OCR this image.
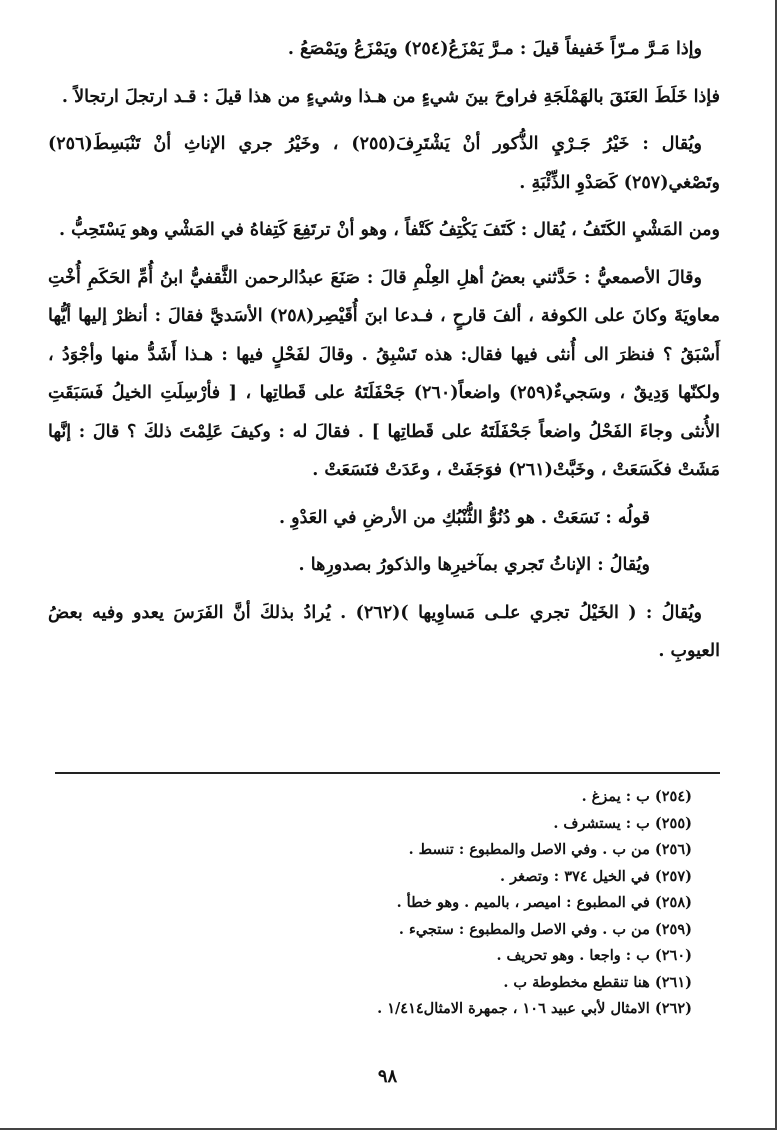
وإذا مَـرَّ مـرّاً خَفيفاً قيلَ : مـرَّ يَمْزَعُ(٢٥٤) ويَمْزَعُ ويَمْصَعُ .

فإذا خَلَطَ العَنَقَ بالهَمْلَجَةِ فراوحَ بينَ شيءٍ من هـذا وشيءٍ من هذا قيلَ : قـد ارتجلَ ارتجالاً .

ويُقال : خَيْرُ جَـرْيِ الذُّكور أنْ يَشْتَرِفَ(٢٥٥) ، وخَيْرُ جري الإناثِ أنْ تَنْبَسِطَ(٢٥٦) وتَصْغي(٢٥٧) كَصَدْوِ الذِّئْبَةِ .

ومن المَشْيِ الكَتَفُ ، يُقال : كَتَفَ يَكْتِفُ كَتْفاً ، وهو أنْ ترتَفِعَ كَتِفاهُ في المَشْي وهو يَسْتَحِبُّ .

وقالَ الأصمعيُّ : حَدَّثني بعضُ أهلِ العِلْمِ قالَ : صَنَعَ عبدُالرحمن الثَّقفيُّ ابنُ أُمِّ الحَكَمِ أُخْتِ معاويَةَ وكانَ على الكوفة ، ألفَ قارحٍ ، فـدعا ابنَ أُقَيْصِر(٢٥٨) الأسَديَّ فقالَ : أنظرْ إليها أيُّها أَسْبَقُ ؟ فنظرَ الى أُنثى فيها فقال: هذه تَسْبِقُ . وقالَ لفَحْلٍ فيها : هـذا أَشَدُّ منها وأجْوَدُ ، ولكنّها وَدِيقٌ ، وسَجيءٌ(٢٥٩) واضعاً(٢٦٠) جَحْفَلَتَهُ على قَطاتِها ، [ فأرْسِلَتِ الخيلُ فَسَبَقَتِ الأُنثى وجاءَ الفَحْلُ واضعاً جَحْفَلَتَهُ على قَطاتِها ] . فقالَ له : وكيفَ عَلِمْتَ ذلكَ ؟ قالَ : إنَّها مَشَتْ فكَسَعَتْ ، وخَبَّتْ(٢٦١) فوَجَفَتْ ، وعَدَتْ فنَسَعَتْ .

قولُه : نَسَعَتْ . هو دُنُوُّ الثُّنْبُكِ من الأرضِ في العَدْوِ .

ويُقالُ : الإناثُ تَجري بمآخيرِها والذكورُ بصدورِها .

ويُقالُ : ( الخَيْلُ تجري علـى مَساوِيها )(٢٦٢) . يُرادُ بذلكَ أنَّ الفَرَسَ يعدو وفيه بعضُ العيوبِ .

(٢٥٤) ب : يمزغ .

(٢٥٥) ب : يستشرف .

(٢٥٦) من ب . وفي الاصل والمطبوع : تنسط .

(٢٥٧) في الخيل ٣٧٤ : وتصغر .

(٢٥٨) في المطبوع : اميصر ، بالميم . وهو خطأ .

(٢٥٩) من ب . وفي الاصل والمطبوع : ستجيء .

(٢٦٠) ب : واجعا . وهو تحريف .

(٢٦١) هنا تنقطع مخطوطة ب .

(٢٦٢) الامثال لأبي عبيد ١٠٦ ، جمهرة الامثال١/٤١٤ .

٩٨
